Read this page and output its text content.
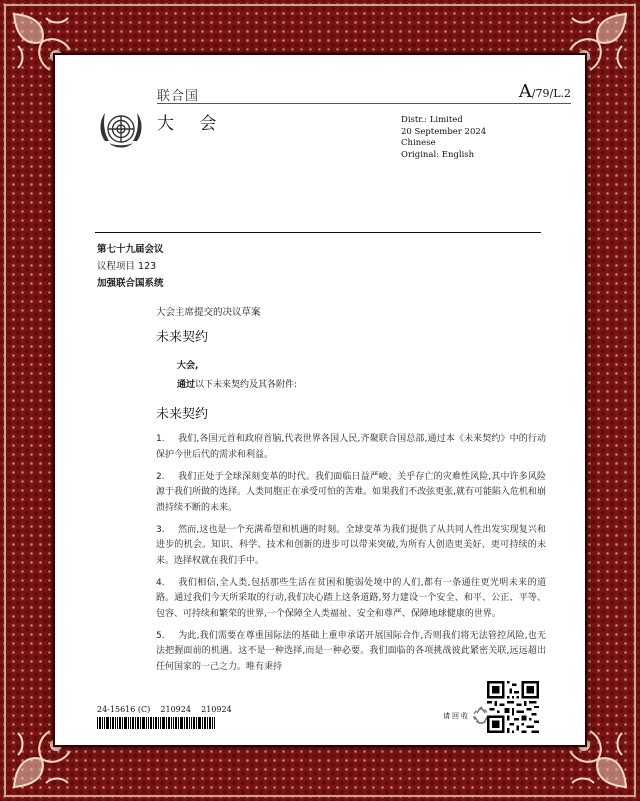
联合国	A/79/L.2
大 会	Distr.: Limited
20 September 2024
Chinese
Original: English
第七十九届会议
议程项目 123
加强联合国系统
大会主席提交的决议草案
未来契约
大会,
通过以下未来契约及其各附件:
未来契约

1. 我们,各国元首和政府首脑,代表世界各国人民,齐聚联合国总部,通过本《未来契约》中的行动保护今世后代的需求和利益。

2. 我们正处于全球深刻变革的时代。我们面临日益严峻、关乎存亡的灾难性风险,其中许多风险源于我们所做的选择。人类同胞正在承受可怕的苦难。如果我们不改弦更张,就有可能陷入危机和崩溃持续不断的未来。

3. 然而,这也是一个充满希望和机遇的时刻。全球变革为我们提供了从共同人性出发实现复兴和进步的机会。知识、科学、技术和创新的进步可以带来突破,为所有人创造更美好、更可持续的未来。选择权就在我们手中。

4. 我们相信,全人类,包括那些生活在贫困和脆弱处境中的人们,都有一条通往更光明未来的道路。通过我们今天所采取的行动,我们决心踏上这条道路,努力建设一个安全、和平、公正、平等、包容、可持续和繁荣的世界,一个保障全人类福祉、安全和尊严、保障地球健康的世界。

5. 为此,我们需要在尊重国际法的基础上重申承诺开展国际合作,否则我们将无法管控风险,也无法把握面前的机遇。这不是一种选择,而是一种必要。我们面临的各项挑战彼此紧密关联,远远超出任何国家的一己之力。唯有秉持

24-15616 (C)    210924    210924
请回收
